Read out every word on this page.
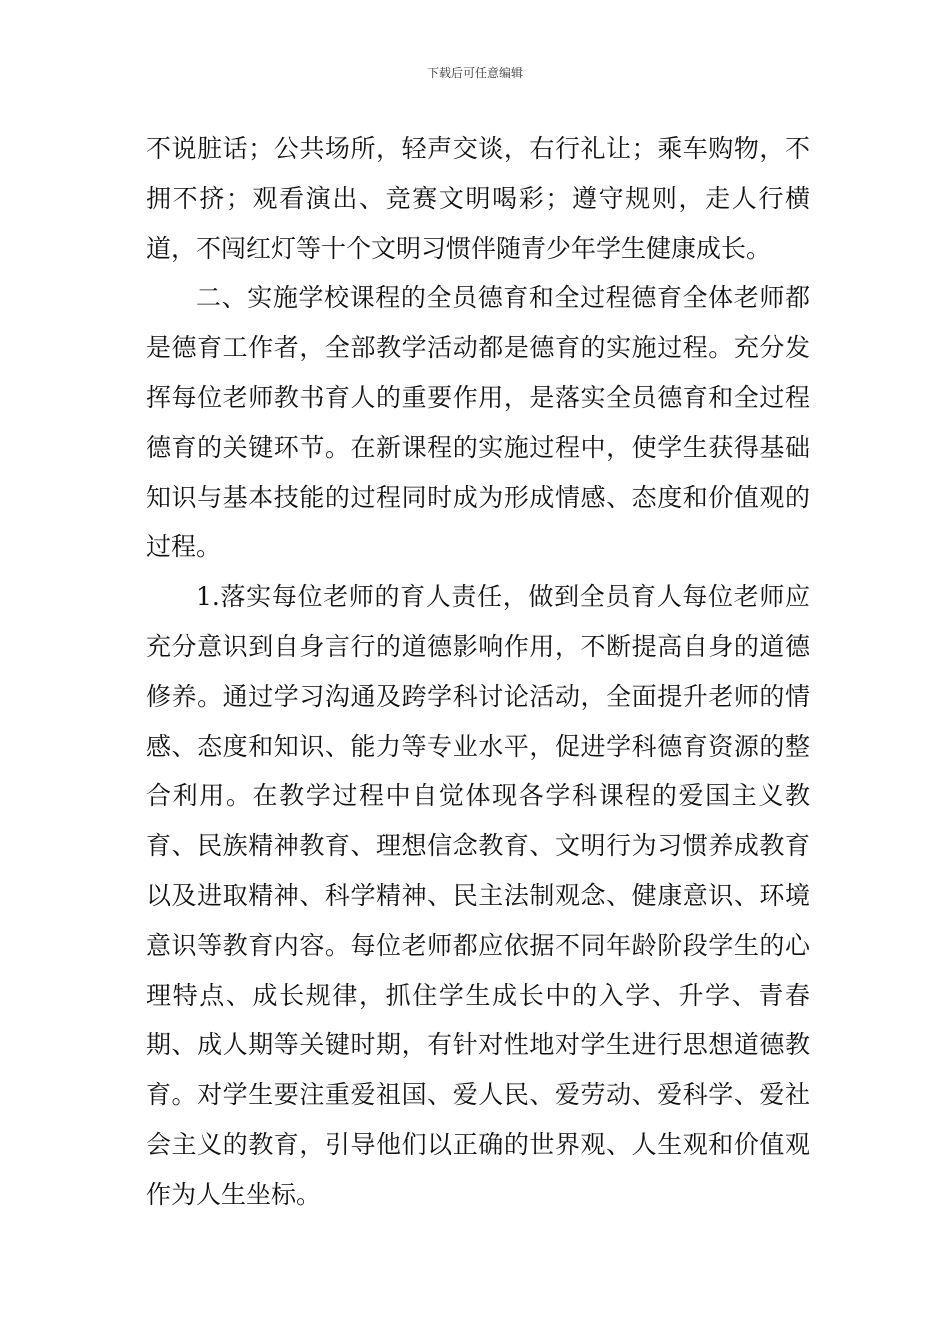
下载后可任意编辑

不说脏话；公共场所，轻声交谈，右行礼让；乘车购物，不拥不挤；观看演出、竞赛文明喝彩；遵守规则，走人行横道，不闯红灯等十个文明习惯伴随青少年学生健康成长。

二、实施学校课程的全员德育和全过程德育全体老师都是德育工作者，全部教学活动都是德育的实施过程。充分发挥每位老师教书育人的重要作用，是落实全员德育和全过程德育的关键环节。在新课程的实施过程中，使学生获得基础知识与基本技能的过程同时成为形成情感、态度和价值观的过程。

1.落实每位老师的育人责任，做到全员育人每位老师应充分意识到自身言行的道德影响作用，不断提高自身的道德修养。通过学习沟通及跨学科讨论活动，全面提升老师的情感、态度和知识、能力等专业水平，促进学科德育资源的整合利用。在教学过程中自觉体现各学科课程的爱国主义教育、民族精神教育、理想信念教育、文明行为习惯养成教育以及进取精神、科学精神、民主法制观念、健康意识、环境意识等教育内容。每位老师都应依据不同年龄阶段学生的心理特点、成长规律，抓住学生成长中的入学、升学、青春期、成人期等关键时期，有针对性地对学生进行思想道德教育。对学生要注重爱祖国、爱人民、爱劳动、爱科学、爱社会主义的教育，引导他们以正确的世界观、人生观和价值观作为人生坐标。
